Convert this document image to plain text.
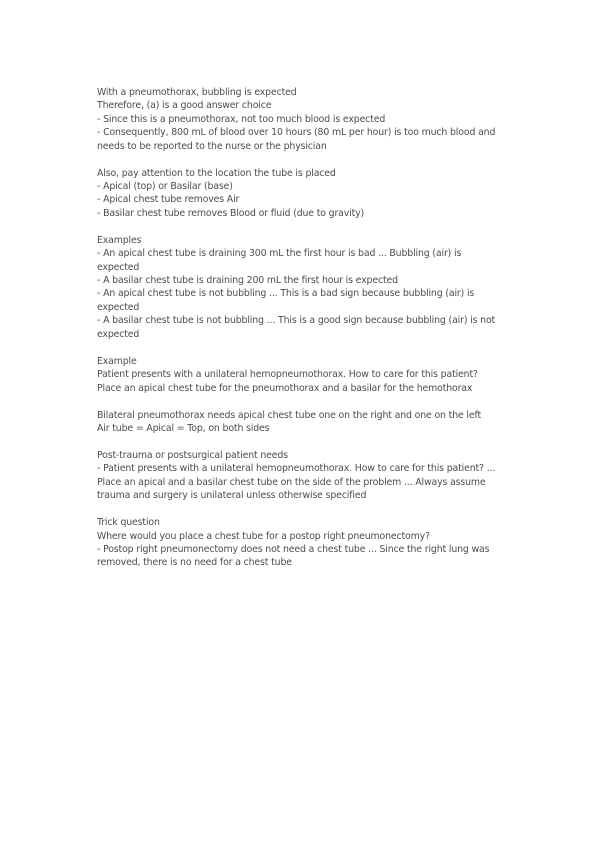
With a pneumothorax, bubbling is expected
Therefore, (a) is a good answer choice
- Since this is a pneumothorax, not too much blood is expected
- Consequently, 800 mL of blood over 10 hours (80 mL per hour) is too much blood and needs to be reported to the nurse or the physician
Also, pay attention to the location the tube is placed
- Apical (top) or Basilar (base)
- Apical chest tube removes Air
- Basilar chest tube removes Blood or fluid (due to gravity)
Examples
- An apical chest tube is draining 300 mL the first hour is bad ... Bubbling (air) is expected
- A basilar chest tube is draining 200 mL the first hour is expected
- An apical chest tube is not bubbling ... This is a bad sign because bubbling (air) is expected
- A basilar chest tube is not bubbling ... This is a good sign because bubbling (air) is not expected
Example
Patient presents with a unilateral hemopneumothorax. How to care for this patient?
Place an apical chest tube for the pneumothorax and a basilar for the hemothorax
Bilateral pneumothorax needs apical chest tube one on the right and one on the left
Air tube = Apical = Top, on both sides
Post-trauma or postsurgical patient needs
- Patient presents with a unilateral hemopneumothorax. How to care for this patient? ... Place an apical and a basilar chest tube on the side of the problem ... Always assume trauma and surgery is unilateral unless otherwise specified
Trick question
Where would you place a chest tube for a postop right pneumonectomy?
- Postop right pneumonectomy does not need a chest tube ... Since the right lung was removed, there is no need for a chest tube
